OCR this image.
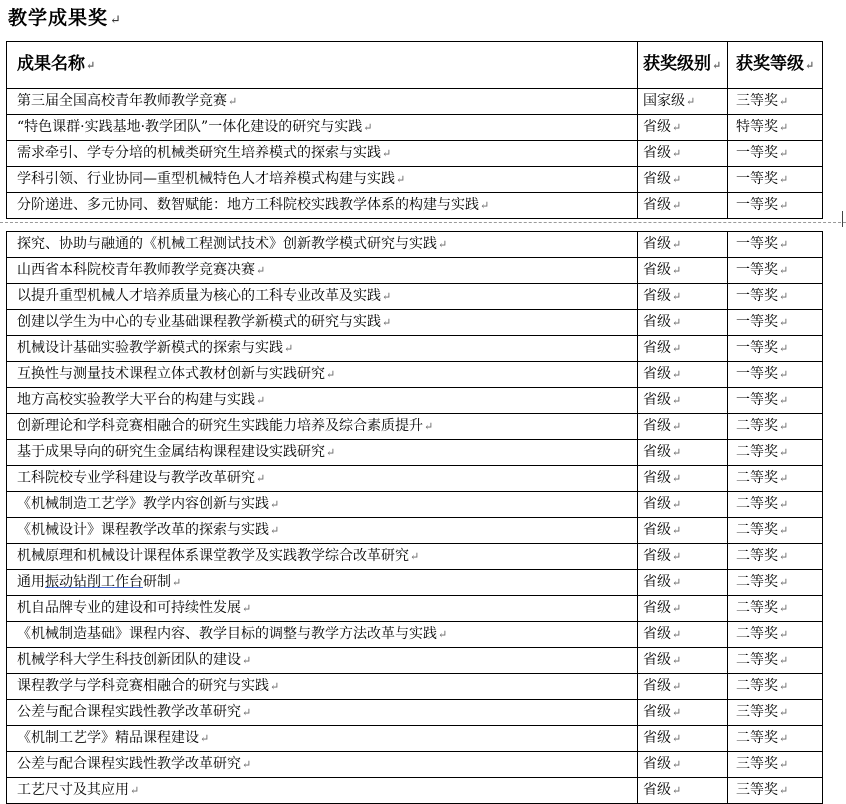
教学成果奖 ↵
成果名称↵	获奖级别↵	获奖等级↵
第三届全国高校青年教师教学竞赛↵	国家级↵	三等奖↵
“特色课群·实践基地·教学团队”一体化建设的研究与实践↵	省级↵	特等奖↵
需求牵引、学专分培的机械类研究生培养模式的探索与实践↵	省级↵	一等奖↵
学科引领、行业协同—重型机械特色人才培养模式构建与实践↵	省级↵	一等奖↵
分阶递进、多元协同、数智赋能：地方工科院校实践教学体系的构建与实践↵	省级↵	一等奖↵
探究、协助与融通的《机械工程测试技术》创新教学模式研究与实践↵	省级↵	一等奖↵
山西省本科院校青年教师教学竞赛决赛↵	省级↵	一等奖↵
以提升重型机械人才培养质量为核心的工科专业改革及实践↵	省级↵	一等奖↵
创建以学生为中心的专业基础课程教学新模式的研究与实践↵	省级↵	一等奖↵
机械设计基础实验教学新模式的探索与实践↵	省级↵	一等奖↵
互换性与测量技术课程立体式教材创新与实践研究↵	省级↵	一等奖↵
地方高校实验教学大平台的构建与实践↵	省级↵	一等奖↵
创新理论和学科竞赛相融合的研究生实践能力培养及综合素质提升↵	省级↵	二等奖↵
基于成果导向的研究生金属结构课程建设实践研究↵	省级↵	二等奖↵
工科院校专业学科建设与教学改革研究↵	省级↵	二等奖↵
《机械制造工艺学》教学内容创新与实践↵	省级↵	二等奖↵
《机械设计》课程教学改革的探索与实践↵	省级↵	二等奖↵
机械原理和机械设计课程体系课堂教学及实践教学综合改革研究↵	省级↵	二等奖↵
通用振动钻削工作台研制↵	省级↵	二等奖↵
机自品牌专业的建设和可持续性发展↵	省级↵	二等奖↵
《机械制造基础》课程内容、教学目标的调整与教学方法改革与实践↵	省级↵	二等奖↵
机械学科大学生科技创新团队的建设↵	省级↵	二等奖↵
课程教学与学科竞赛相融合的研究与实践↵	省级↵	二等奖↵
公差与配合课程实践性教学改革研究↵	省级↵	三等奖↵
《机制工艺学》精品课程建设↵	省级↵	二等奖↵
公差与配合课程实践性教学改革研究↵	省级↵	三等奖↵
工艺尺寸及其应用↵	省级↵	三等奖↵
